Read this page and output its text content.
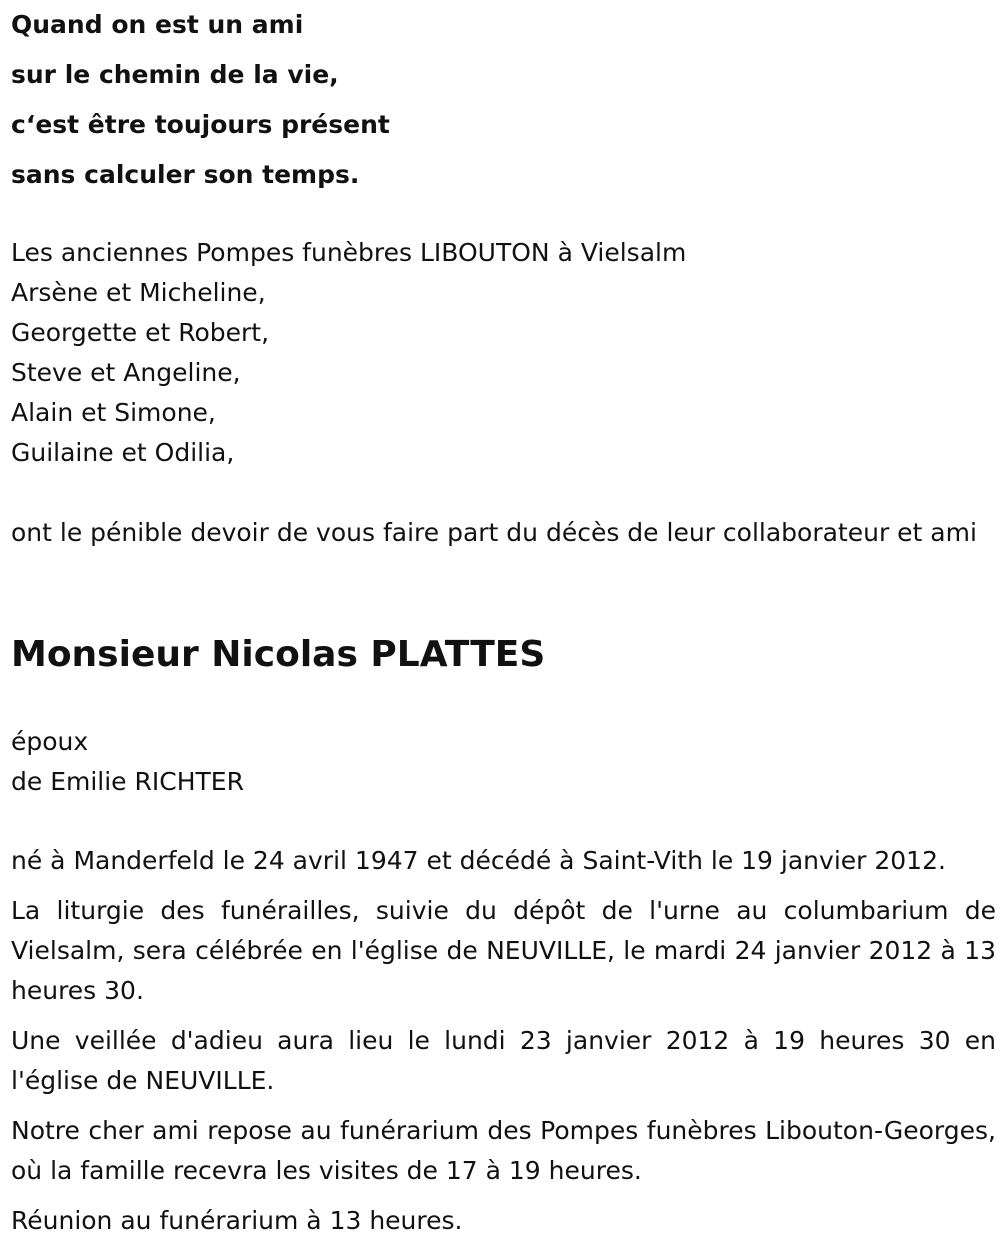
Quand on est un ami
sur le chemin de la vie,
c‘est être toujours présent
sans calculer son temps.
Les anciennes Pompes funèbres LIBOUTON à Vielsalm
Arsène et Micheline,
Georgette et Robert,
Steve et Angeline,
Alain et Simone,
Guilaine et Odilia,
ont le pénible devoir de vous faire part du décès de leur collaborateur et ami
Monsieur Nicolas PLATTES
époux
de Emilie RICHTER

né à Manderfeld le 24 avril 1947 et décédé à Saint-Vith le 19 janvier 2012.

La liturgie des funérailles, suivie du dépôt de l'urne au columbarium de Vielsalm, sera célébrée en l'église de NEUVILLE, le mardi 24 janvier 2012 à 13 heures 30.

Une veillée d'adieu aura lieu le lundi 23 janvier 2012 à 19 heures 30 en l'église de NEUVILLE.

Notre cher ami repose au funérarium des Pompes funèbres Libouton-Georges, où la famille recevra les visites de 17 à 19 heures.

Réunion au funérarium à 13 heures.
